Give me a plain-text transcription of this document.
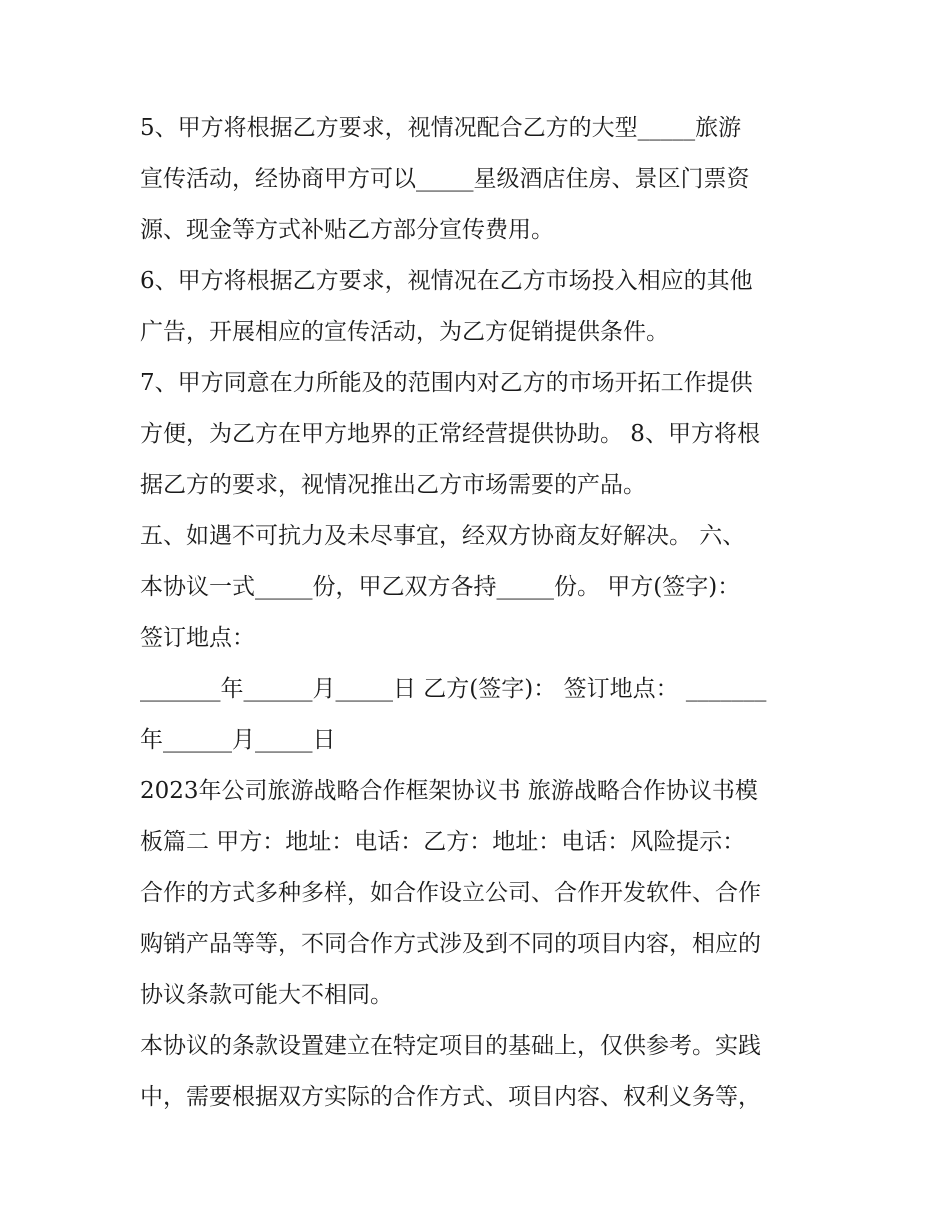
5、甲方将根据乙方要求，视情况配合乙方的大型_____旅游
宣传活动，经协商甲方可以_____星级酒店住房、景区门票资
源、现金等方式补贴乙方部分宣传费用。
6、甲方将根据乙方要求，视情况在乙方市场投入相应的其他
广告，开展相应的宣传活动，为乙方促销提供条件。
7、甲方同意在力所能及的范围内对乙方的市场开拓工作提供
方便，为乙方在甲方地界的正常经营提供协助。 8、甲方将根
据乙方的要求，视情况推出乙方市场需要的产品。
五、如遇不可抗力及未尽事宜，经双方协商友好解决。 六、
本协议一式_____份，甲乙双方各持_____份。 甲方(签字)：
签订地点：
_______年______月_____日 乙方(签字)： 签订地点： _______
年______月_____日
2023年公司旅游战略合作框架协议书 旅游战略合作协议书模
板篇二 甲方：地址：电话：乙方：地址：电话：风险提示：
合作的方式多种多样，如合作设立公司、合作开发软件、合作
购销产品等等，不同合作方式涉及到不同的项目内容，相应的
协议条款可能大不相同。
本协议的条款设置建立在特定项目的基础上，仅供参考。实践
中，需要根据双方实际的合作方式、项目内容、权利义务等，
